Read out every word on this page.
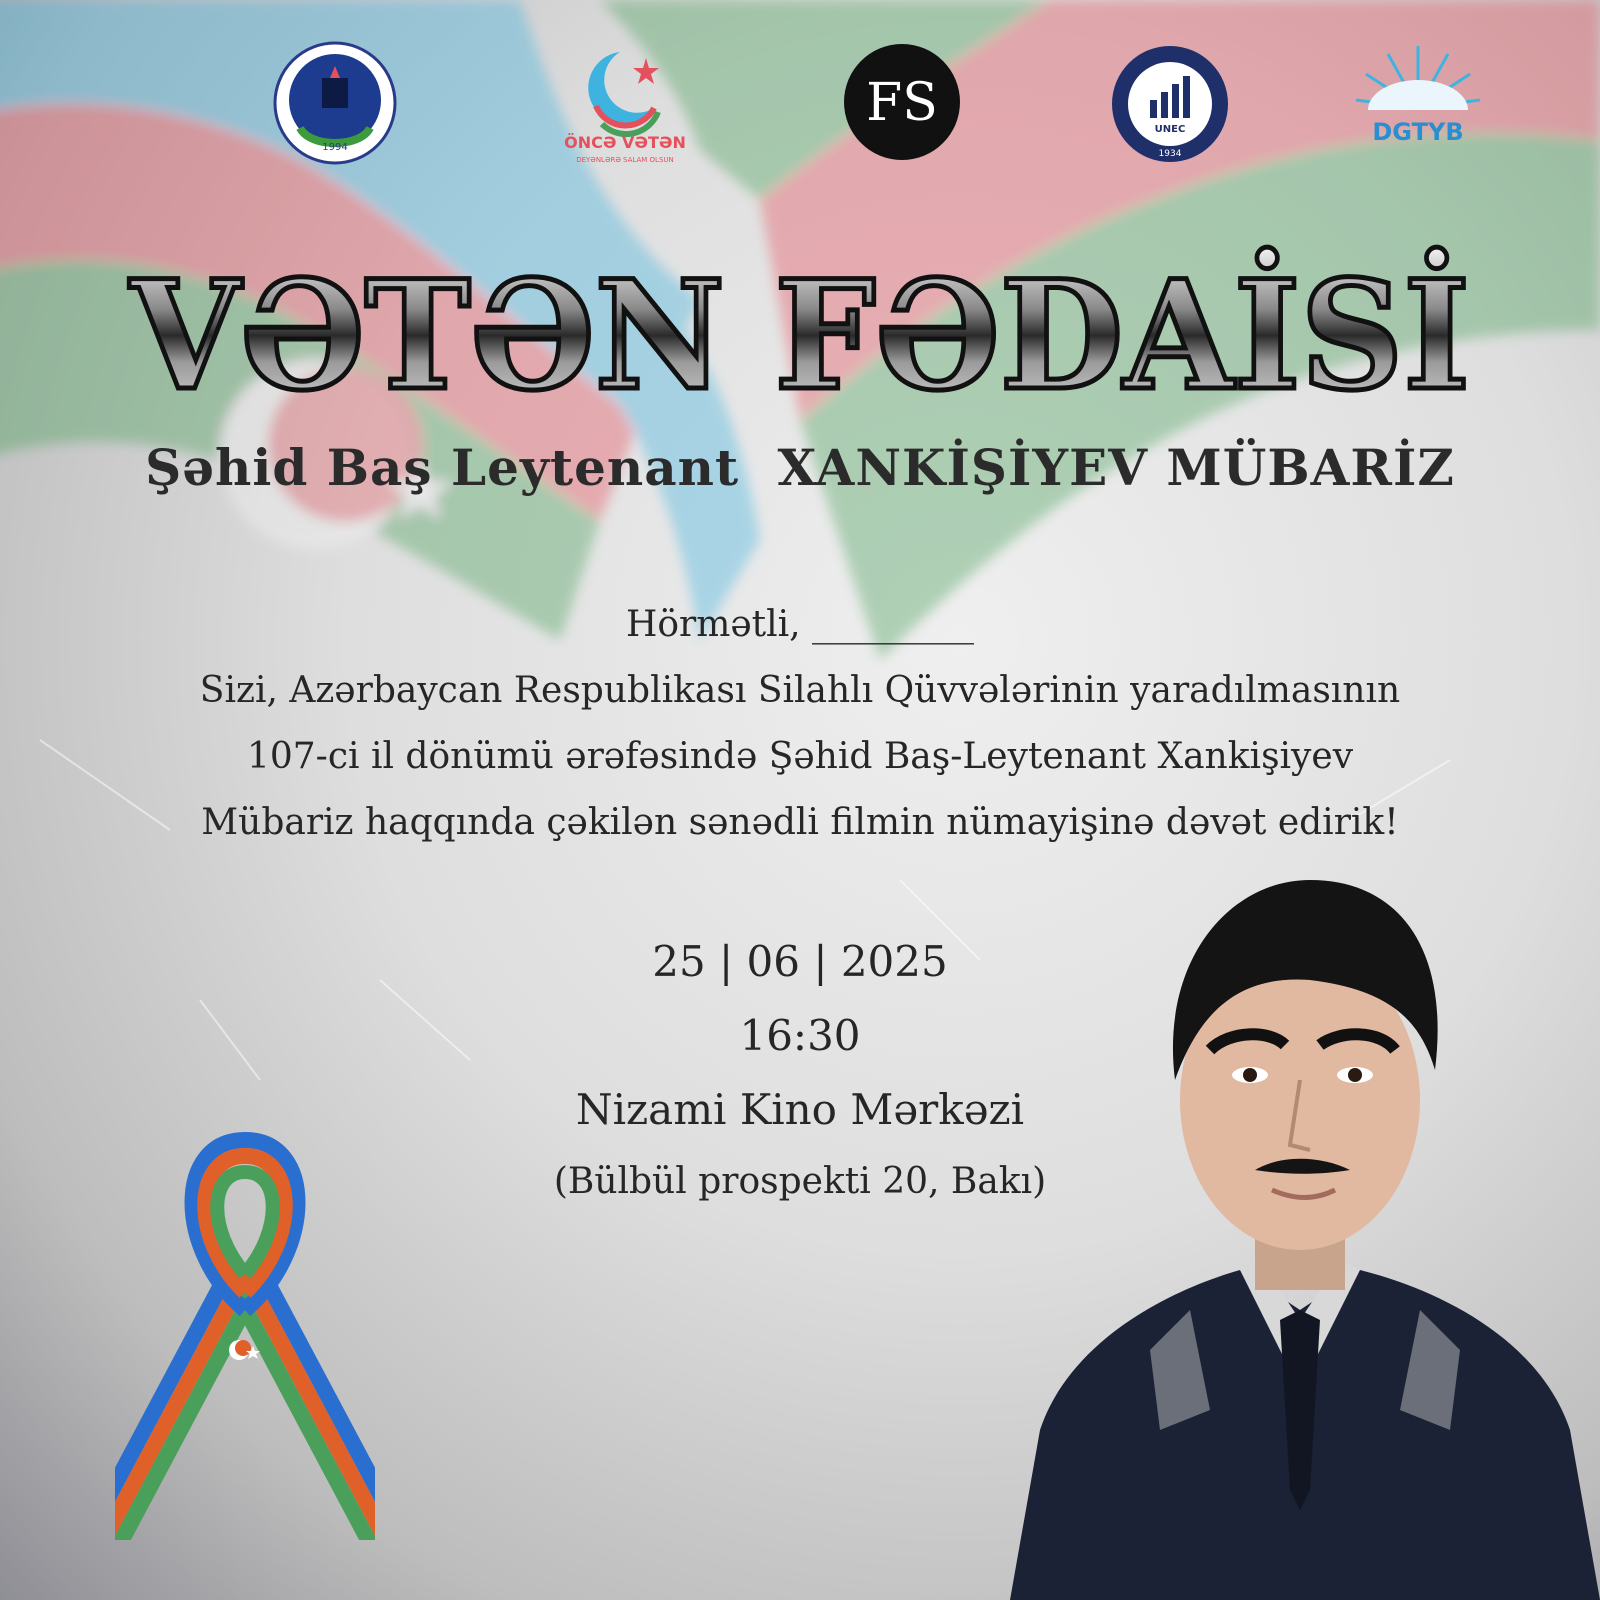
1994	ÖNCƏ VƏTƏN
DEYƏNLƏRƏ SALAM OLSUN
FS	UNEC
1934
DGTYB
VƏTƏN FƏDAİSİ
Şəhid Baş Leytenant XANKİŞİYEV MÜBARİZ
Hörmətli, _________
Sizi, Azərbaycan Respublikası Silahlı Qüvvələrinin yaradılmasının
107-ci il dönümü ərəfəsində Şəhid Baş-Leytenant Xankişiyev
Mübariz haqqında çəkilən sənədli filmin nümayişinə dəvət edirik!
25 | 06 | 2025
16:30
Nizami Kino Mərkəzi
(Bülbül prospekti 20, Bakı)
